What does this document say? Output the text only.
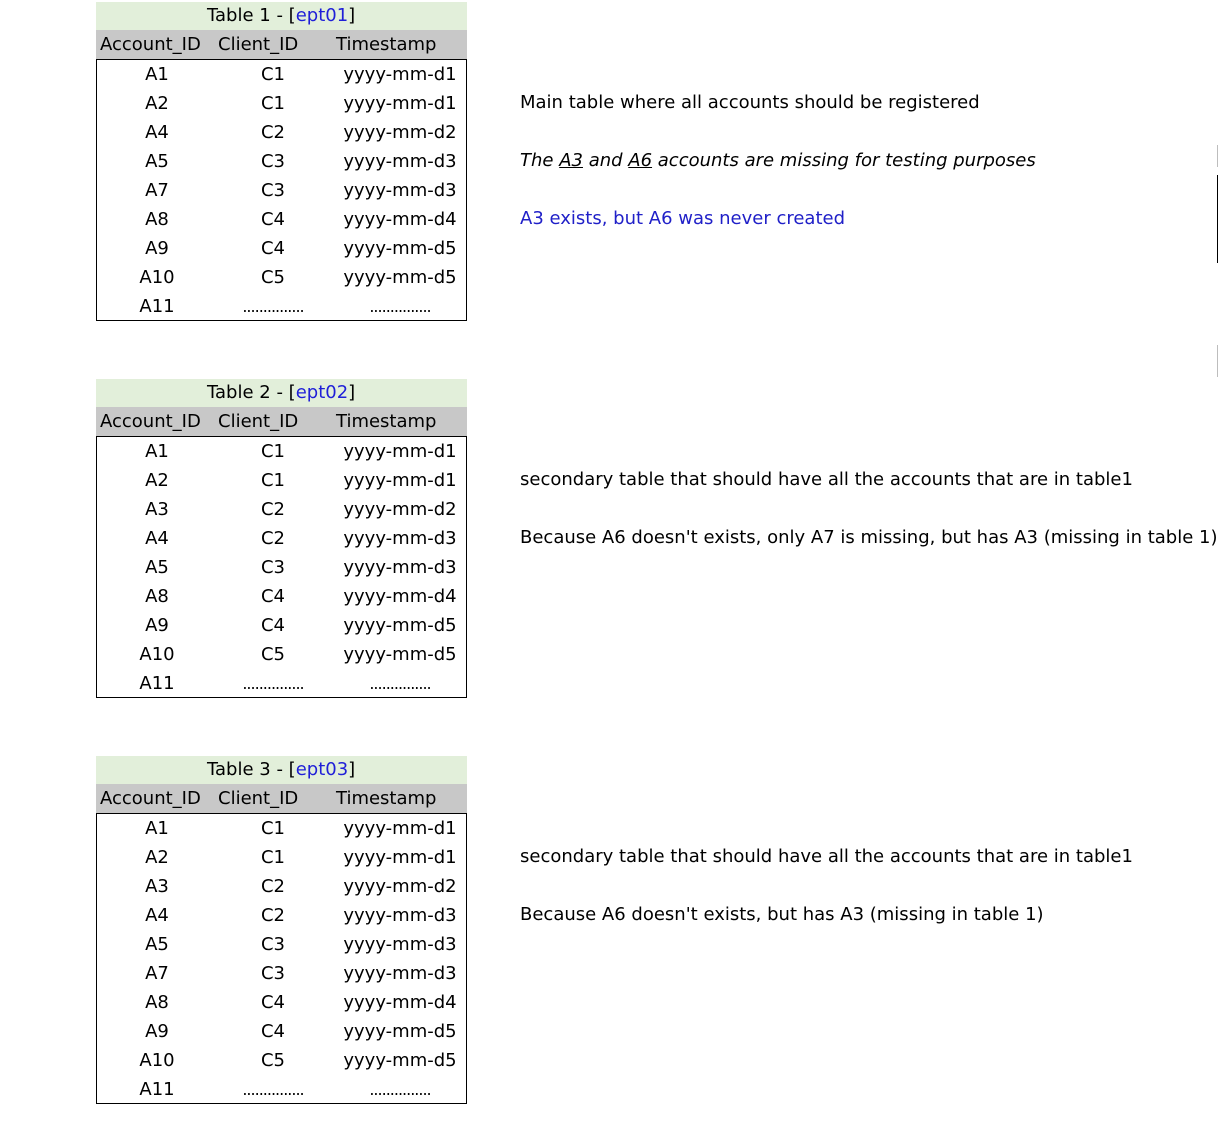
Table 1 - [ept01]
Account_ID Client_ID Timestamp
A1	C1	yyyy-mm-d1
A2	C1	yyyy-mm-d1
A4	C2	yyyy-mm-d2
A5	C3	yyyy-mm-d3
A7	C3	yyyy-mm-d3
A8	C4	yyyy-mm-d4
A9	C4	yyyy-mm-d5
A10	C5	yyyy-mm-d5
A11	...............	...............
Table 2 - [ept02]
Account_ID Client_ID Timestamp
A1	C1	yyyy-mm-d1
A2	C1	yyyy-mm-d1
A3	C2	yyyy-mm-d2
A4	C2	yyyy-mm-d3
A5	C3	yyyy-mm-d3
A8	C4	yyyy-mm-d4
A9	C4	yyyy-mm-d5
A10	C5	yyyy-mm-d5
A11	...............	...............
Table 3 - [ept03]
Account_ID Client_ID Timestamp
A1	C1	yyyy-mm-d1
A2	C1	yyyy-mm-d1
A3	C2	yyyy-mm-d2
A4	C2	yyyy-mm-d3
A5	C3	yyyy-mm-d3
A7	C3	yyyy-mm-d3
A8	C4	yyyy-mm-d4
A9	C4	yyyy-mm-d5
A10	C5	yyyy-mm-d5
A11	...............	...............
Main table where all accounts should be registered
The A3 and A6 accounts are missing for testing purposes
A3 exists, but A6 was never created
secondary table that should have all the accounts that are in table1
Because A6 doesn't exists, only A7 is missing, but has A3 (missing in table 1)
secondary table that should have all the accounts that are in table1
Because A6 doesn't exists, but has A3 (missing in table 1)
